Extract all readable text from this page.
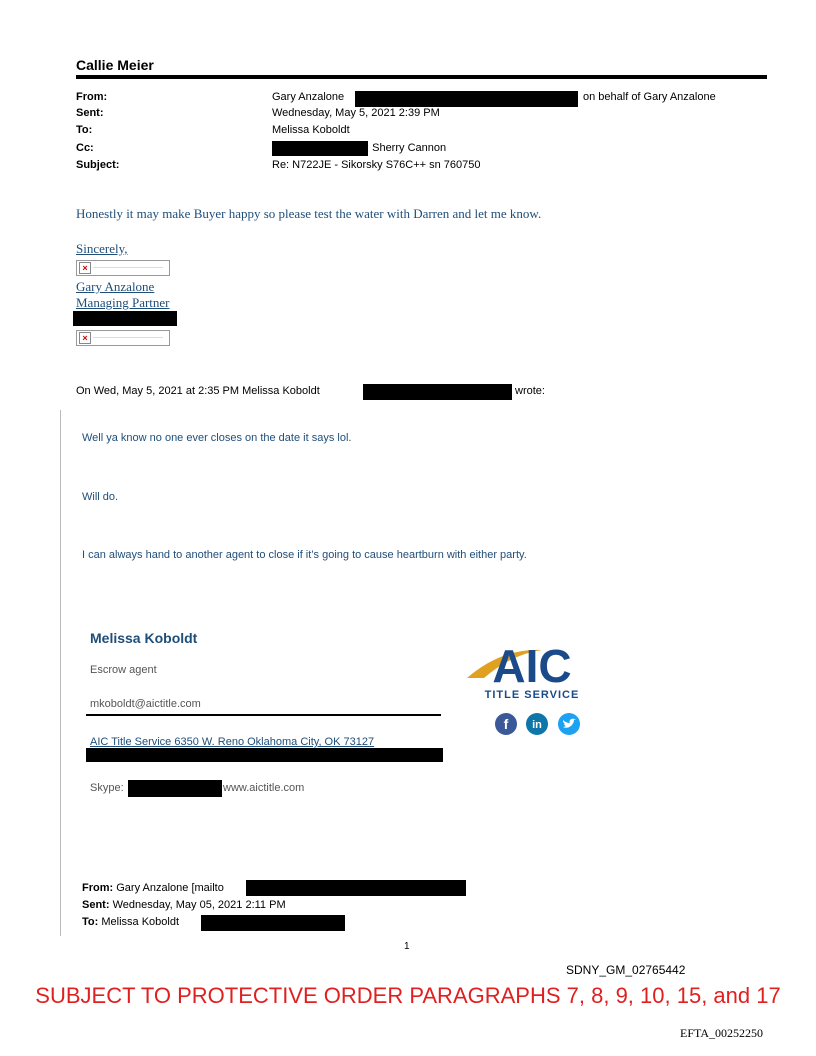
Callie Meier
From:	Gary Anzalone	on behalf of Gary Anzalone
Sent:	Wednesday, May 5, 2021 2:39 PM
To:	Melissa Koboldt
Cc:	; Sherry Cannon
Subject:	Re: N722JE - Sikorsky S76C++ sn 760750
Honestly it may make Buyer happy so please test the water with Darren and let me know.
Sincerely,
×
Gary Anzalone
Managing Partner
×
On Wed, May 5, 2021 at 2:35 PM Melissa Koboldt	wrote:
Well ya know no one ever closes on the date it says lol.
Will do.
I can always hand to another agent to close if it’s going to cause heartburn with either party.
Melissa Koboldt
Escrow agent
mkoboldt@aictitle.com
AIC Title Service 6350 W. Reno Oklahoma City, OK 73127
Skype:	www.aictitle.com
AIC
TITLE SERVICE
f in
From: Gary Anzalone [mailto
Sent: Wednesday, May 05, 2021 2:11 PM
To: Melissa Koboldt
1
SDNY_GM_02765442
SUBJECT TO PROTECTIVE ORDER PARAGRAPHS 7, 8, 9, 10, 15, and 17
EFTA_00252250
